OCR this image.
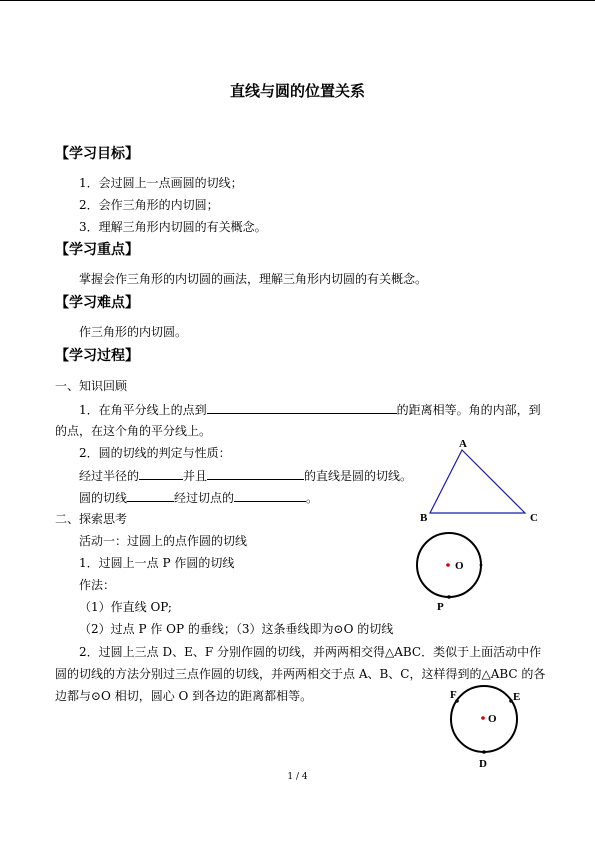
直线与圆的位置关系
【学习目标】
1．会过圆上一点画圆的切线；
2．会作三角形的内切圆；
3．理解三角形内切圆的有关概念。
【学习重点】
掌握会作三角形的内切圆的画法，理解三角形内切圆的有关概念。
【学习难点】
作三角形的内切圆。
【学习过程】
一、知识回顾
1．在角平分线上的点到	的距离相等。角的内部，到
的点，在这个角的平分线上。
2．圆的切线的判定与性质：
经过半径的	并且	的直线是圆的切线。
圆的切线	经过切点的	。
二、探索思考
活动一：过圆上的点作圆的切线
1．过圆上一点 P 作圆的切线
作法：
（1）作直线 OP;
（2）过点 P 作 OP 的垂线；（3）这条垂线即为⊙O 的切线
2．过圆上三点 D、E、F 分别作圆的切线，并两两相交得△ABC．类似于上面活动中作
圆的切线的方法分别过三点作圆的切线，并两两相交于点 A、B、C，这样得到的△ABC 的各
边都与⊙O 相切，圆心 O 到各边的距离都相等。
A
B	C
O
P
O
D
E
F
1 / 4
